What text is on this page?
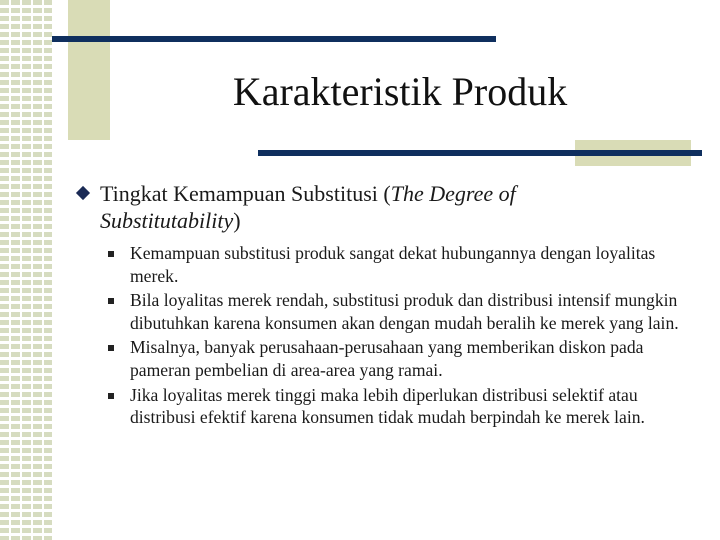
Karakteristik Produk
Tingkat Kemampuan Substitusi (The Degree of Substitutability)
Kemampuan substitusi produk sangat dekat hubungannya dengan loyalitas merek.
Bila loyalitas merek rendah, substitusi produk dan distribusi intensif mungkin dibutuhkan karena konsumen akan dengan mudah beralih ke merek yang lain.
Misalnya, banyak perusahaan-perusahaan yang memberikan diskon pada pameran pembelian di area-area yang ramai.
Jika loyalitas merek tinggi maka lebih diperlukan distribusi selektif atau distribusi efektif karena konsumen tidak mudah berpindah ke merek lain.
